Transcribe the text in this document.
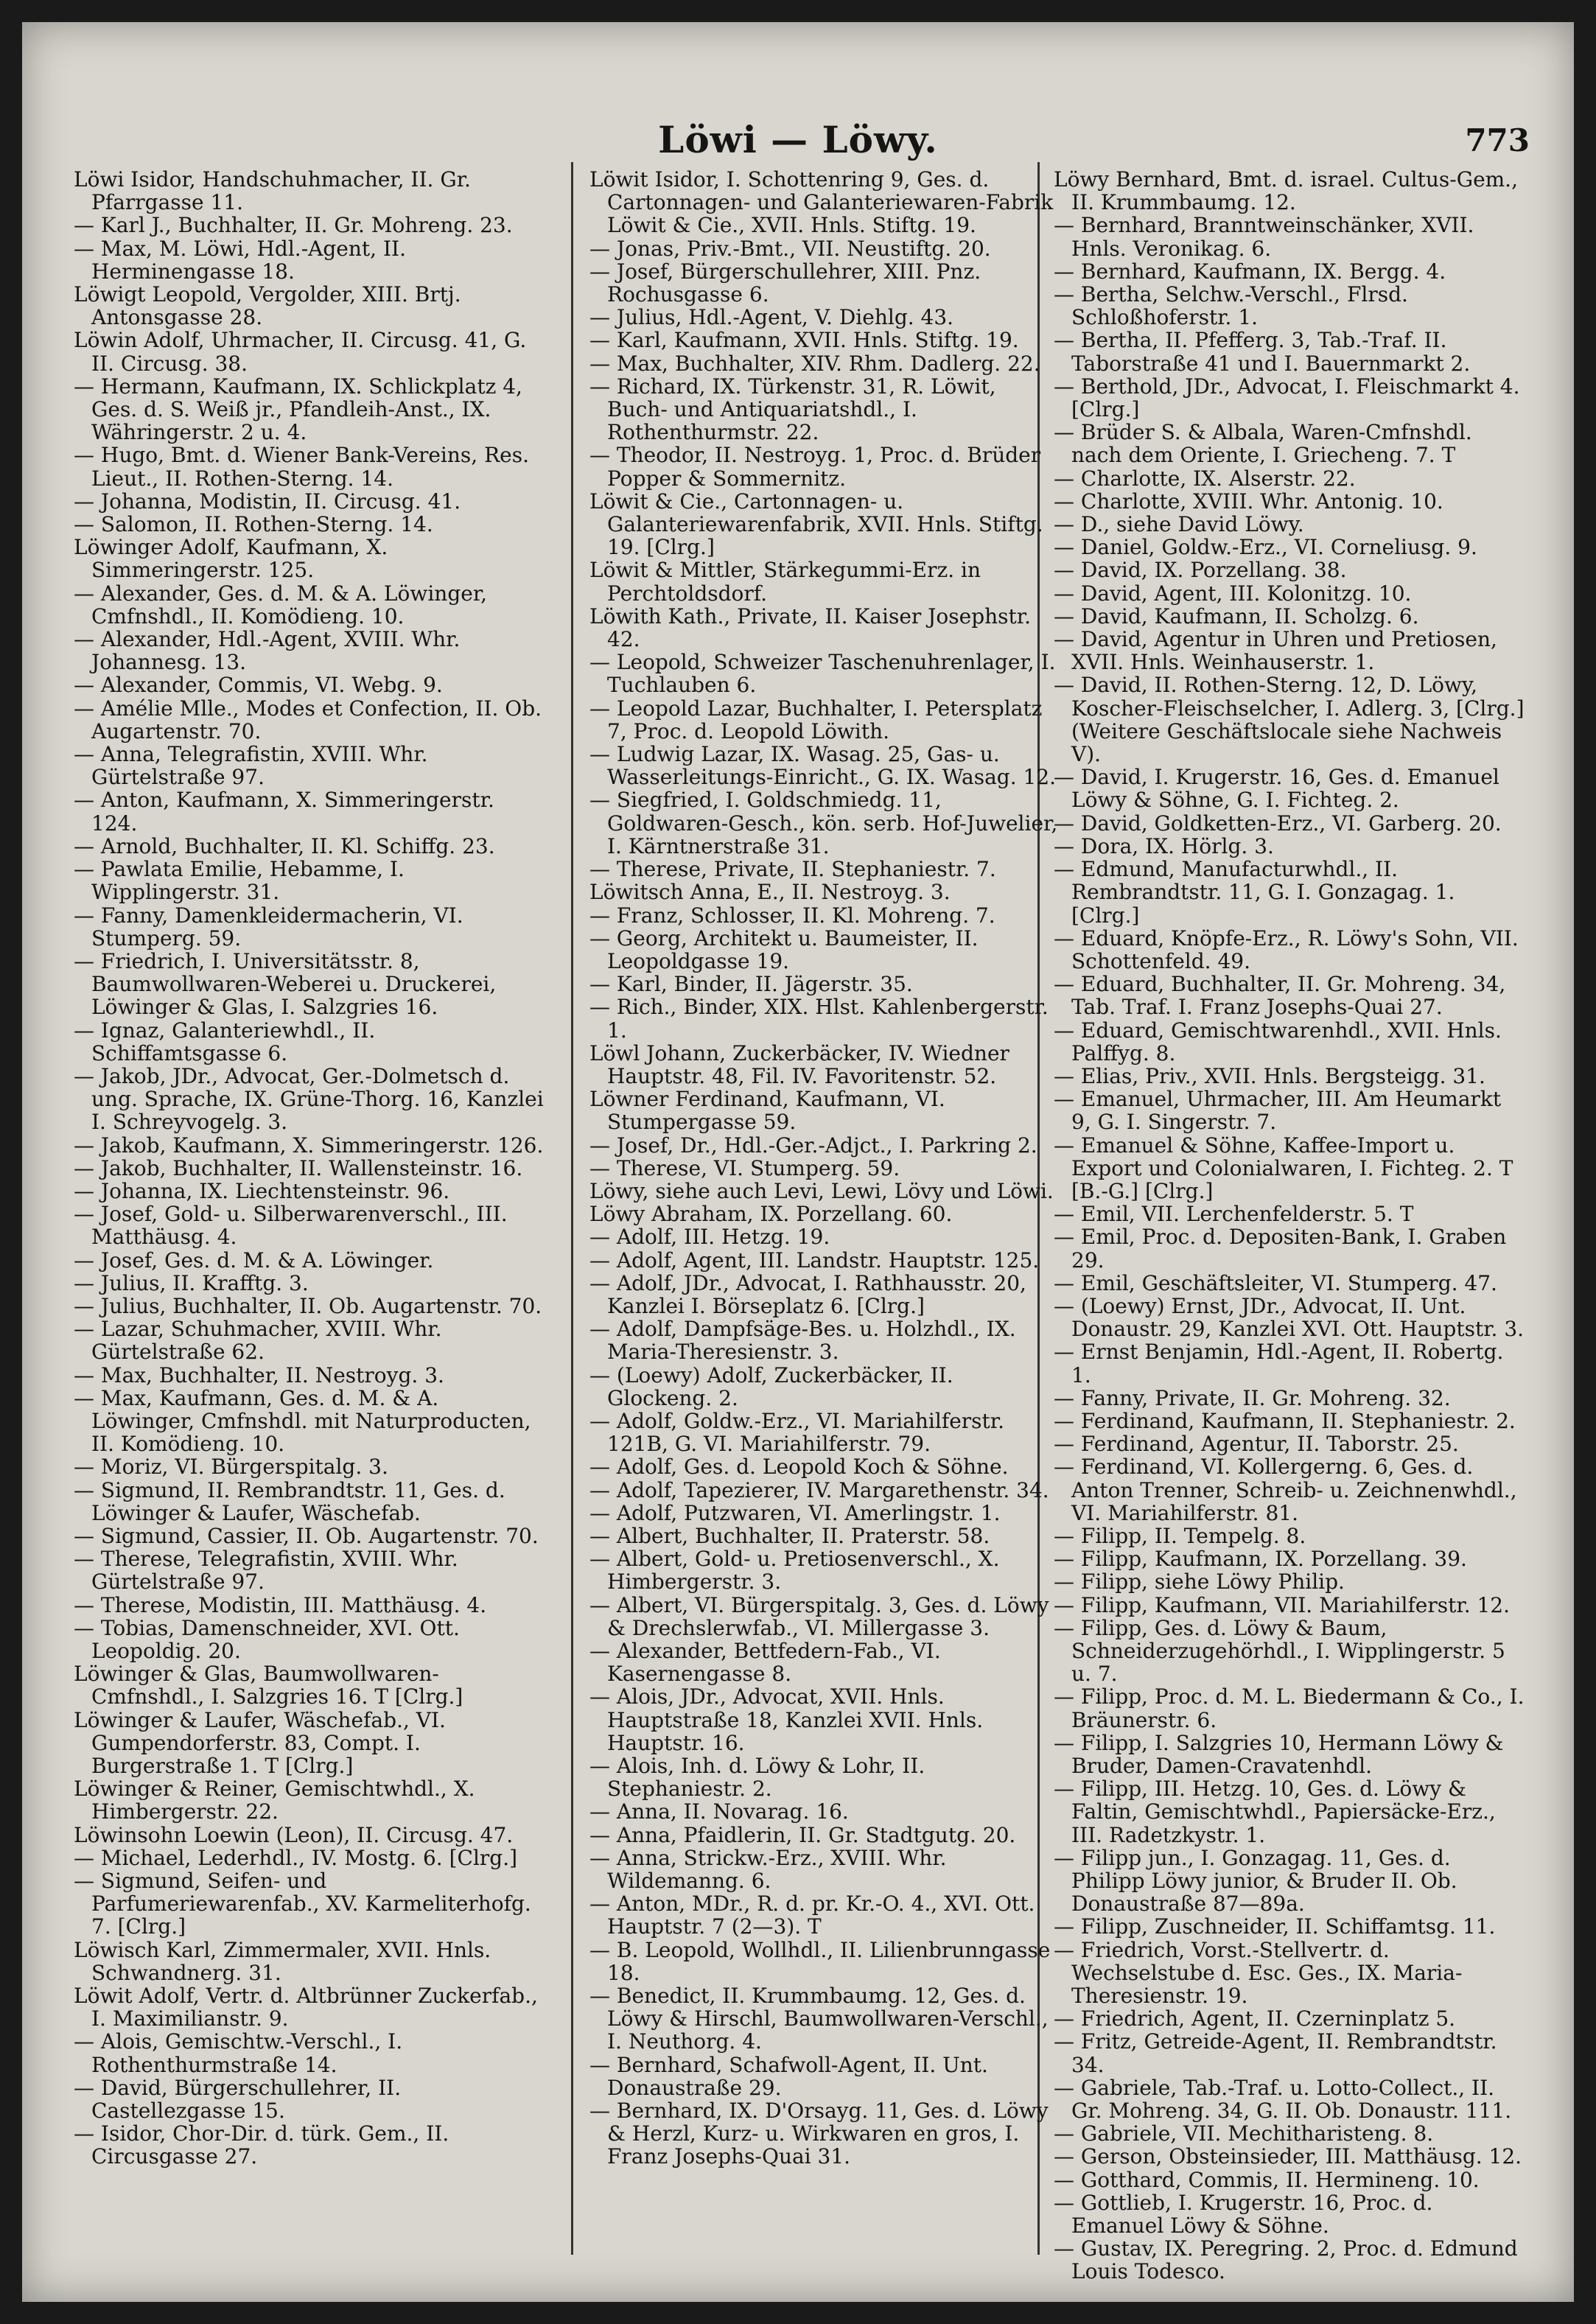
Löwi — Löwy.	773

Löwi Isidor, Handschuhmacher, II. Gr. Pfarrgasse 11.

— Karl J., Buchhalter, II. Gr. Mohreng. 23.

— Max, M. Löwi, Hdl.-Agent, II. Herminengasse 18.

Löwigt Leopold, Vergolder, XIII. Brtj. Antonsgasse 28.

Löwin Adolf, Uhrmacher, II. Circusg. 41, G. II. Circusg. 38.

— Hermann, Kaufmann, IX. Schlickplatz 4, Ges. d. S. Weiß jr., Pfandleih-Anst., IX. Währingerstr. 2 u. 4.

— Hugo, Bmt. d. Wiener Bank-Vereins, Res. Lieut., II. Rothen-Sterng. 14.

— Johanna, Modistin, II. Circusg. 41.

— Salomon, II. Rothen-Sterng. 14.

Löwinger Adolf, Kaufmann, X. Simmeringerstr. 125.

— Alexander, Ges. d. M. & A. Löwinger, Cmfnshdl., II. Komödieng. 10.

— Alexander, Hdl.-Agent, XVIII. Whr. Johannesg. 13.

— Alexander, Commis, VI. Webg. 9.

— Amélie Mlle., Modes et Confection, II. Ob. Augartenstr. 70.

— Anna, Telegrafistin, XVIII. Whr. Gürtelstraße 97.

— Anton, Kaufmann, X. Simmeringerstr. 124.

— Arnold, Buchhalter, II. Kl. Schiffg. 23.

— Pawlata Emilie, Hebamme, I. Wipplingerstr. 31.

— Fanny, Damenkleidermacherin, VI. Stumperg. 59.

— Friedrich, I. Universitätsstr. 8, Baumwollwaren-Weberei u. Druckerei, Löwinger & Glas, I. Salzgries 16.

— Ignaz, Galanteriewhdl., II. Schiffamtsgasse 6.

— Jakob, JDr., Advocat, Ger.-Dolmetsch d. ung. Sprache, IX. Grüne-Thorg. 16, Kanzlei I. Schreyvogelg. 3.

— Jakob, Kaufmann, X. Simmeringerstr. 126.

— Jakob, Buchhalter, II. Wallensteinstr. 16.

— Johanna, IX. Liechtensteinstr. 96.

— Josef, Gold- u. Silberwarenverschl., III. Matthäusg. 4.

— Josef, Ges. d. M. & A. Löwinger.

— Julius, II. Krafftg. 3.

— Julius, Buchhalter, II. Ob. Augartenstr. 70.

— Lazar, Schuhmacher, XVIII. Whr. Gürtelstraße 62.

— Max, Buchhalter, II. Nestroyg. 3.

— Max, Kaufmann, Ges. d. M. & A. Löwinger, Cmfnshdl. mit Naturproducten, II. Komödieng. 10.

— Moriz, VI. Bürgerspitalg. 3.

— Sigmund, II. Rembrandtstr. 11, Ges. d. Löwinger & Laufer, Wäschefab.

— Sigmund, Cassier, II. Ob. Augartenstr. 70.

— Therese, Telegrafistin, XVIII. Whr. Gürtelstraße 97.

— Therese, Modistin, III. Matthäusg. 4.

— Tobias, Damenschneider, XVI. Ott. Leopoldig. 20.

Löwinger & Glas, Baumwollwaren-Cmfnshdl., I. Salzgries 16. T [Clrg.]

Löwinger & Laufer, Wäschefab., VI. Gumpendorferstr. 83, Compt. I. Burgerstraße 1. T [Clrg.]

Löwinger & Reiner, Gemischtwhdl., X. Himbergerstr. 22.

Löwinsohn Loewin (Leon), II. Circusg. 47.

— Michael, Lederhdl., IV. Mostg. 6. [Clrg.]

— Sigmund, Seifen- und Parfumeriewarenfab., XV. Karmeliterhofg. 7. [Clrg.]

Löwisch Karl, Zimmermaler, XVII. Hnls. Schwandnerg. 31.

Löwit Adolf, Vertr. d. Altbrünner Zuckerfab., I. Maximilianstr. 9.

— Alois, Gemischtw.-Verschl., I. Rothenthurmstraße 14.

— David, Bürgerschullehrer, II. Castellezgasse 15.

— Isidor, Chor-Dir. d. türk. Gem., II. Circusgasse 27.

Löwit Isidor, I. Schottenring 9, Ges. d. Cartonnagen- und Galanteriewaren-Fabrik Löwit & Cie., XVII. Hnls. Stiftg. 19.

— Jonas, Priv.-Bmt., VII. Neustiftg. 20.

— Josef, Bürgerschullehrer, XIII. Pnz. Rochusgasse 6.

— Julius, Hdl.-Agent, V. Diehlg. 43.

— Karl, Kaufmann, XVII. Hnls. Stiftg. 19.

— Max, Buchhalter, XIV. Rhm. Dadlerg. 22.

— Richard, IX. Türkenstr. 31, R. Löwit, Buch- und Antiquariatshdl., I. Rothenthurmstr. 22.

— Theodor, II. Nestroyg. 1, Proc. d. Brüder Popper & Sommernitz.

Löwit & Cie., Cartonnagen- u. Galanteriewarenfabrik, XVII. Hnls. Stiftg. 19. [Clrg.]

Löwit & Mittler, Stärkegummi-Erz. in Perchtoldsdorf.

Löwith Kath., Private, II. Kaiser Josephstr. 42.

— Leopold, Schweizer Taschenuhrenlager, I. Tuchlauben 6.

— Leopold Lazar, Buchhalter, I. Petersplatz 7, Proc. d. Leopold Löwith.

— Ludwig Lazar, IX. Wasag. 25, Gas- u. Wasserleitungs-Einricht., G. IX. Wasag. 12.

— Siegfried, I. Goldschmiedg. 11, Goldwaren-Gesch., kön. serb. Hof-Juwelier, I. Kärntnerstraße 31.

— Therese, Private, II. Stephaniestr. 7.

Löwitsch Anna, E., II. Nestroyg. 3.

— Franz, Schlosser, II. Kl. Mohreng. 7.

— Georg, Architekt u. Baumeister, II. Leopoldgasse 19.

— Karl, Binder, II. Jägerstr. 35.

— Rich., Binder, XIX. Hlst. Kahlenbergerstr. 1.

Löwl Johann, Zuckerbäcker, IV. Wiedner Hauptstr. 48, Fil. IV. Favoritenstr. 52.

Löwner Ferdinand, Kaufmann, VI. Stumpergasse 59.

— Josef, Dr., Hdl.-Ger.-Adjct., I. Parkring 2.

— Therese, VI. Stumperg. 59.

Löwy, siehe auch Levi, Lewi, Lövy und Löwi.

Löwy Abraham, IX. Porzellang. 60.

— Adolf, III. Hetzg. 19.

— Adolf, Agent, III. Landstr. Hauptstr. 125.

— Adolf, JDr., Advocat, I. Rathhausstr. 20, Kanzlei I. Börseplatz 6. [Clrg.]

— Adolf, Dampfsäge-Bes. u. Holzhdl., IX. Maria-Theresienstr. 3.

— (Loewy) Adolf, Zuckerbäcker, II. Glockeng. 2.

— Adolf, Goldw.-Erz., VI. Mariahilferstr. 121B, G. VI. Mariahilferstr. 79.

— Adolf, Ges. d. Leopold Koch & Söhne.

— Adolf, Tapezierer, IV. Margarethenstr. 34.

— Adolf, Putzwaren, VI. Amerlingstr. 1.

— Albert, Buchhalter, II. Praterstr. 58.

— Albert, Gold- u. Pretiosenverschl., X. Himbergerstr. 3.

— Albert, VI. Bürgerspitalg. 3, Ges. d. Löwy & Drechslerwfab., VI. Millergasse 3.

— Alexander, Bettfedern-Fab., VI. Kasernengasse 8.

— Alois, JDr., Advocat, XVII. Hnls. Hauptstraße 18, Kanzlei XVII. Hnls. Hauptstr. 16.

— Alois, Inh. d. Löwy & Lohr, II. Stephaniestr. 2.

— Anna, II. Novarag. 16.

— Anna, Pfaidlerin, II. Gr. Stadtgutg. 20.

— Anna, Strickw.-Erz., XVIII. Whr. Wildemanng. 6.

— Anton, MDr., R. d. pr. Kr.-O. 4., XVI. Ott. Hauptstr. 7 (2—3). T

— B. Leopold, Wollhdl., II. Lilienbrunngasse 18.

— Benedict, II. Krummbaumg. 12, Ges. d. Löwy & Hirschl, Baumwollwaren-Verschl., I. Neuthorg. 4.

— Bernhard, Schafwoll-Agent, II. Unt. Donaustraße 29.

— Bernhard, IX. D'Orsayg. 11, Ges. d. Löwy & Herzl, Kurz- u. Wirkwaren en gros, I. Franz Josephs-Quai 31.

Löwy Bernhard, Bmt. d. israel. Cultus-Gem., II. Krummbaumg. 12.

— Bernhard, Branntweinschänker, XVII. Hnls. Veronikag. 6.

— Bernhard, Kaufmann, IX. Bergg. 4.

— Bertha, Selchw.-Verschl., Flrsd. Schloßhoferstr. 1.

— Bertha, II. Pfefferg. 3, Tab.-Traf. II. Taborstraße 41 und I. Bauernmarkt 2.

— Berthold, JDr., Advocat, I. Fleischmarkt 4. [Clrg.]

— Brüder S. & Albala, Waren-Cmfnshdl. nach dem Oriente, I. Griecheng. 7. T

— Charlotte, IX. Alserstr. 22.

— Charlotte, XVIII. Whr. Antonig. 10.

— D., siehe David Löwy.

— Daniel, Goldw.-Erz., VI. Corneliusg. 9.

— David, IX. Porzellang. 38.

— David, Agent, III. Kolonitzg. 10.

— David, Kaufmann, II. Scholzg. 6.

— David, Agentur in Uhren und Pretiosen, XVII. Hnls. Weinhauserstr. 1.

— David, II. Rothen-Sterng. 12, D. Löwy, Koscher-Fleischselcher, I. Adlerg. 3, [Clrg.] (Weitere Geschäftslocale siehe Nachweis V).

— David, I. Krugerstr. 16, Ges. d. Emanuel Löwy & Söhne, G. I. Fichteg. 2.

— David, Goldketten-Erz., VI. Garberg. 20.

— Dora, IX. Hörlg. 3.

— Edmund, Manufacturwhdl., II. Rembrandtstr. 11, G. I. Gonzagag. 1. [Clrg.]

— Eduard, Knöpfe-Erz., R. Löwy's Sohn, VII. Schottenfeld. 49.

— Eduard, Buchhalter, II. Gr. Mohreng. 34, Tab. Traf. I. Franz Josephs-Quai 27.

— Eduard, Gemischtwarenhdl., XVII. Hnls. Palffyg. 8.

— Elias, Priv., XVII. Hnls. Bergsteigg. 31.

— Emanuel, Uhrmacher, III. Am Heumarkt 9, G. I. Singerstr. 7.

— Emanuel & Söhne, Kaffee-Import u. Export und Colonialwaren, I. Fichteg. 2. T [B.-G.] [Clrg.]

— Emil, VII. Lerchenfelderstr. 5. T

— Emil, Proc. d. Depositen-Bank, I. Graben 29.

— Emil, Geschäftsleiter, VI. Stumperg. 47.

— (Loewy) Ernst, JDr., Advocat, II. Unt. Donaustr. 29, Kanzlei XVI. Ott. Hauptstr. 3.

— Ernst Benjamin, Hdl.-Agent, II. Robertg. 1.

— Fanny, Private, II. Gr. Mohreng. 32.

— Ferdinand, Kaufmann, II. Stephaniestr. 2.

— Ferdinand, Agentur, II. Taborstr. 25.

— Ferdinand, VI. Kollergerng. 6, Ges. d. Anton Trenner, Schreib- u. Zeichnenwhdl., VI. Mariahilferstr. 81.

— Filipp, II. Tempelg. 8.

— Filipp, Kaufmann, IX. Porzellang. 39.

— Filipp, siehe Löwy Philip.

— Filipp, Kaufmann, VII. Mariahilferstr. 12.

— Filipp, Ges. d. Löwy & Baum, Schneiderzugehörhdl., I. Wipplingerstr. 5 u. 7.

— Filipp, Proc. d. M. L. Biedermann & Co., I. Bräunerstr. 6.

— Filipp, I. Salzgries 10, Hermann Löwy & Bruder, Damen-Cravatenhdl.

— Filipp, III. Hetzg. 10, Ges. d. Löwy & Faltin, Gemischtwhdl., Papiersäcke-Erz., III. Radetzkystr. 1.

— Filipp jun., I. Gonzagag. 11, Ges. d. Philipp Löwy junior, & Bruder II. Ob. Donaustraße 87—89a.

— Filipp, Zuschneider, II. Schiffamtsg. 11.

— Friedrich, Vorst.-Stellvertr. d. Wechselstube d. Esc. Ges., IX. Maria-Theresienstr. 19.

— Friedrich, Agent, II. Czerninplatz 5.

— Fritz, Getreide-Agent, II. Rembrandtstr. 34.

— Gabriele, Tab.-Traf. u. Lotto-Collect., II. Gr. Mohreng. 34, G. II. Ob. Donaustr. 111.

— Gabriele, VII. Mechitharisteng. 8.

— Gerson, Obsteinsieder, III. Matthäusg. 12.

— Gotthard, Commis, II. Hermineng. 10.

— Gottlieb, I. Krugerstr. 16, Proc. d. Emanuel Löwy & Söhne.

— Gustav, IX. Peregring. 2, Proc. d. Edmund Louis Todesco.
